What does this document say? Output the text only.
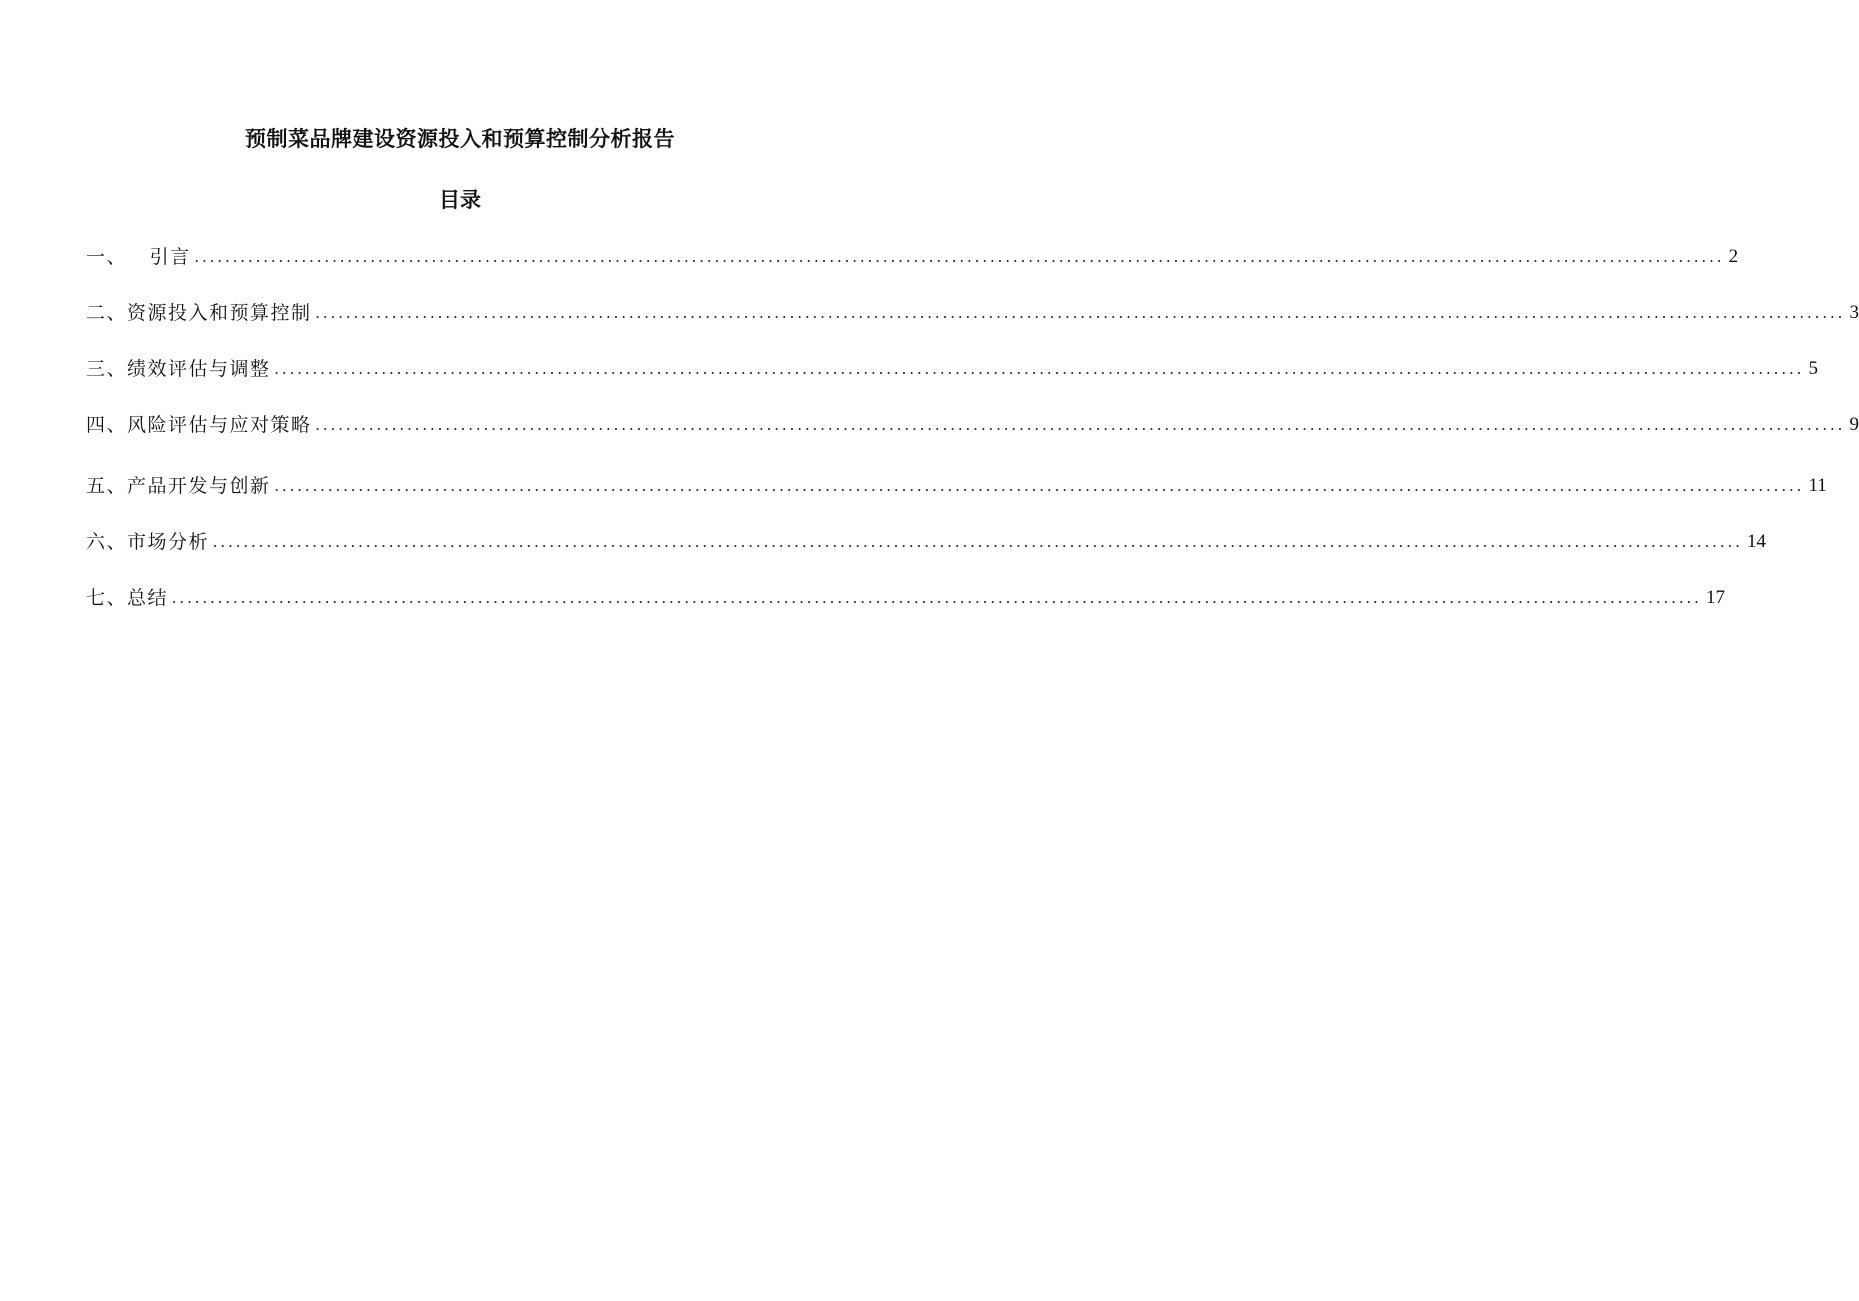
预制菜品牌建设资源投入和预算控制分析报告
目录
一、   引言 ........................................................................................................................................................................................................ 2
二、资源投入和预算控制 ........................................................................................................................................................................................................ 3
三、绩效评估与调整 ........................................................................................................................................................................................................ 5
四、风险评估与应对策略 ........................................................................................................................................................................................................ 9
五、产品开发与创新 ........................................................................................................................................................................................................ 11
六、市场分析 ........................................................................................................................................................................................................ 14
七、总结 ........................................................................................................................................................................................................ 17
